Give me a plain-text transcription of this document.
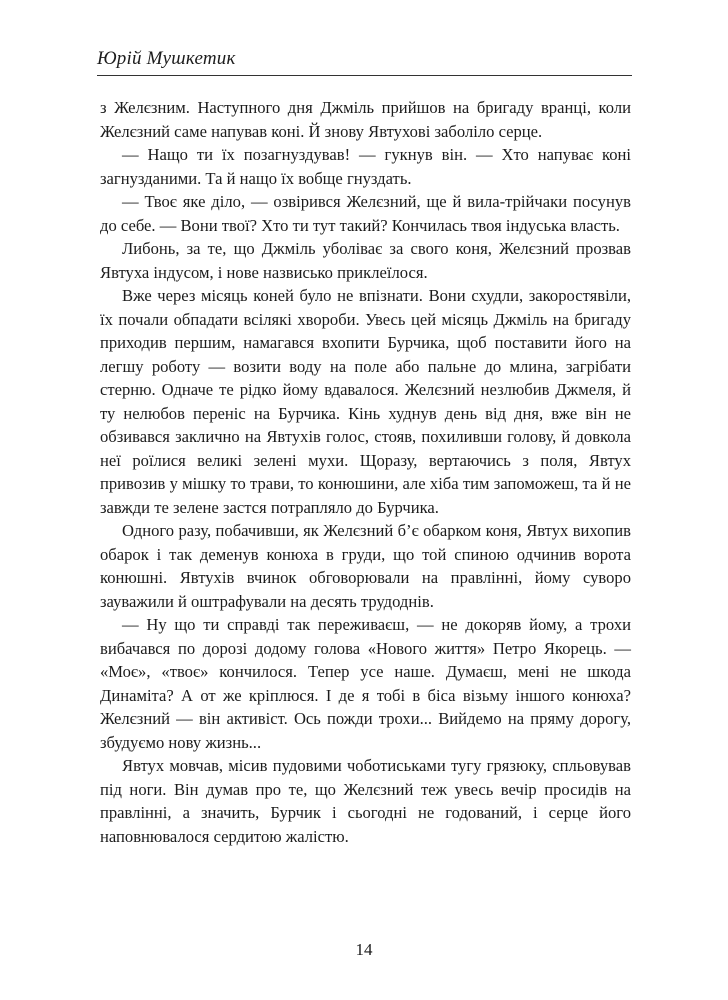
Юрій Мушкетик

з Желєзним. Наступного дня Джміль прийшов на бригаду вранці, коли Желєзний саме напував коні. Й знову Явтухові заболіло серце.

— Нащо ти їх позагнуздував! — гукнув він. — Хто напуває коні загнузданими. Та й нащо їх вобще гнуздать.

— Твоє яке діло, — озвірився Желєзний, ще й вила-трійчаки посунув до себе. — Вони твої? Хто ти тут такий? Кончилась твоя індуська власть.

Либонь, за те, що Джміль уболіває за свого коня, Желєзний прозвав Явтуха індусом, і нове назвисько приклеїлося.

Вже через місяць коней було не впізнати. Вони схудли, закоростявіли, їх почали обпадати всілякі хвороби. Увесь цей місяць Джміль на бригаду приходив першим, намагався вхопити Бурчика, щоб поставити його на легшу роботу — возити воду на поле або пальне до млина, загрібати стерню. Одначе те рідко йому вдавалося. Желєзний незлюбив Джмеля, й ту нелюбов переніс на Бурчика. Кінь худнув день від дня, вже він не обзивався заклично на Явтухів голос, стояв, похиливши голову, й довкола неї роїлися великі зелені мухи. Щоразу, вертаючись з поля, Явтух привозив у мішку то трави, то конюшини, але хіба тим запоможеш, та й не завжди те зелене застся потрапляло до Бурчика.

Одного разу, побачивши, як Желєзний б’є обарком коня, Явтух вихопив обарок і так деменув конюха в груди, що той спиною одчинив ворота конюшні. Явтухів вчинок обговорювали на правлінні, йому суворо зауважили й оштрафували на десять трудоднів.

— Ну що ти справді так переживаєш, — не докоряв йому, а трохи вибачався по дорозі додому голова «Нового життя» Петро Якорець. — «Моє», «твоє» кончилося. Тепер усе наше. Думаєш, мені не шкода Динаміта? А от же кріплюся. І де я тобі в біса візьму іншого конюха? Желєзний — він активіст. Ось пожди трохи... Вийдемо на пряму дорогу, збудуємо нову жизнь...

Явтух мовчав, місив пудовими чоботиськами тугу грязюку, спльовував під ноги. Він думав про те, що Желєзний теж увесь вечір просидів на правлінні, а значить, Бурчик і сьогодні не годований, і серце його наповнювалося сердитою жалістю.

14
